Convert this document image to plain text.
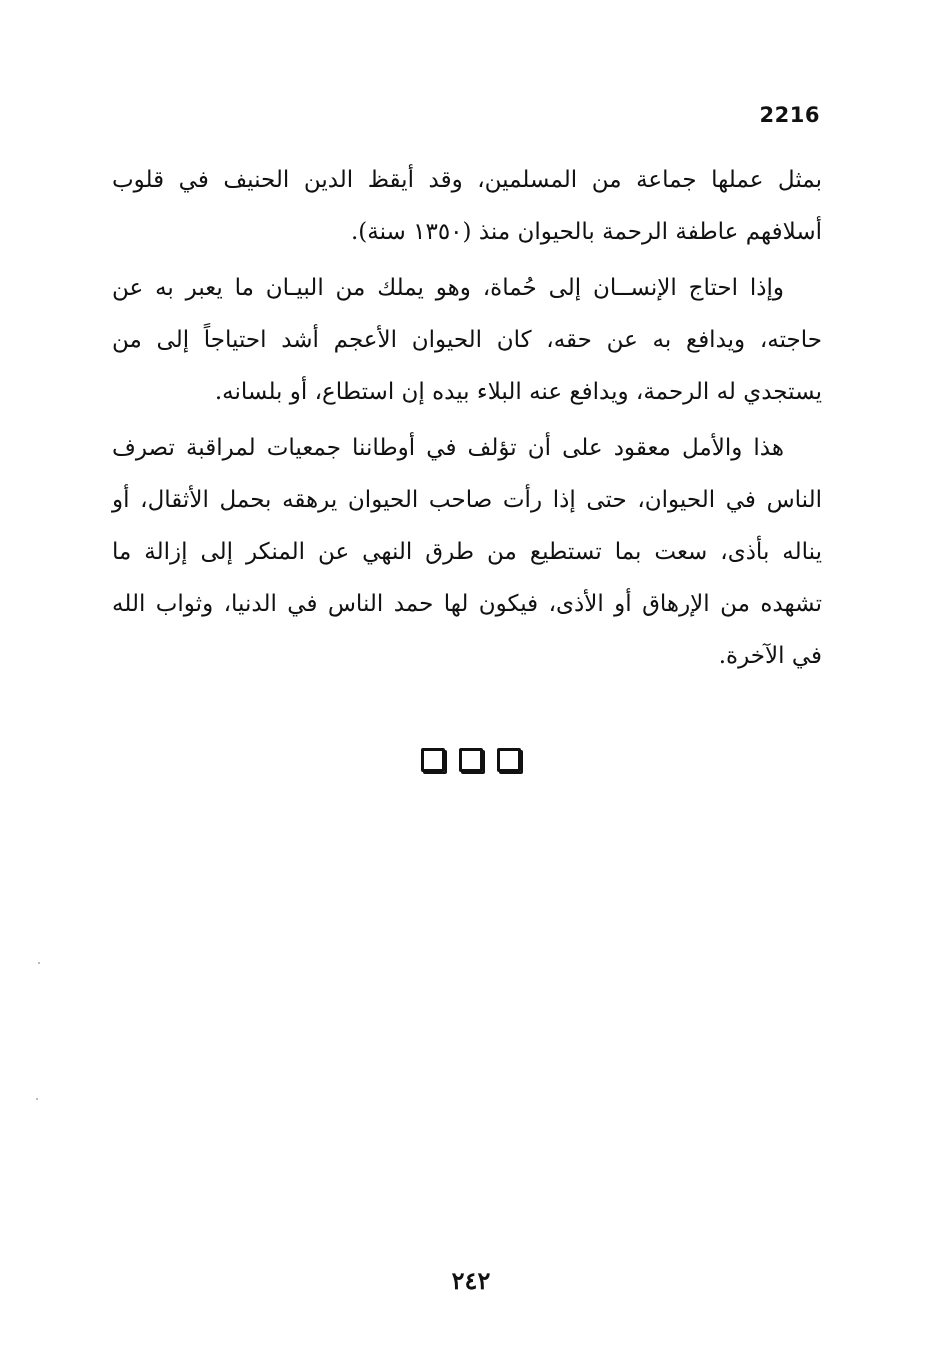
2216

بمثل عملها جماعة من المسلمين، وقد أيقظ الدين الحنيف في قلوب أسلافهم عاطفة الرحمة بالحيوان منذ (١٣٥٠ سنة).

وإذا احتاج الإنســان إلى حُماة، وهو يملك من البيـان ما يعبر به عن حاجته، ويدافع به عن حقه، كان الحيوان الأعجم أشد احتياجاً إلى من يستجدي له الرحمة، ويدافع عنه البلاء بيده إن استطاع، أو بلسانه.

هذا والأمل معقود على أن تؤلف في أوطاننا جمعيات لمراقبة تصرف الناس في الحيوان، حتى إذا رأت صاحب الحيوان يرهقه بحمل الأثقال، أو يناله بأذى، سعت بما تستطيع من طرق النهي عن المنكر إلى إزالة ما تشهده من الإرهاق أو الأذى، فيكون لها حمد الناس في الدنيا، وثواب الله في الآخرة.

٢٤٢
